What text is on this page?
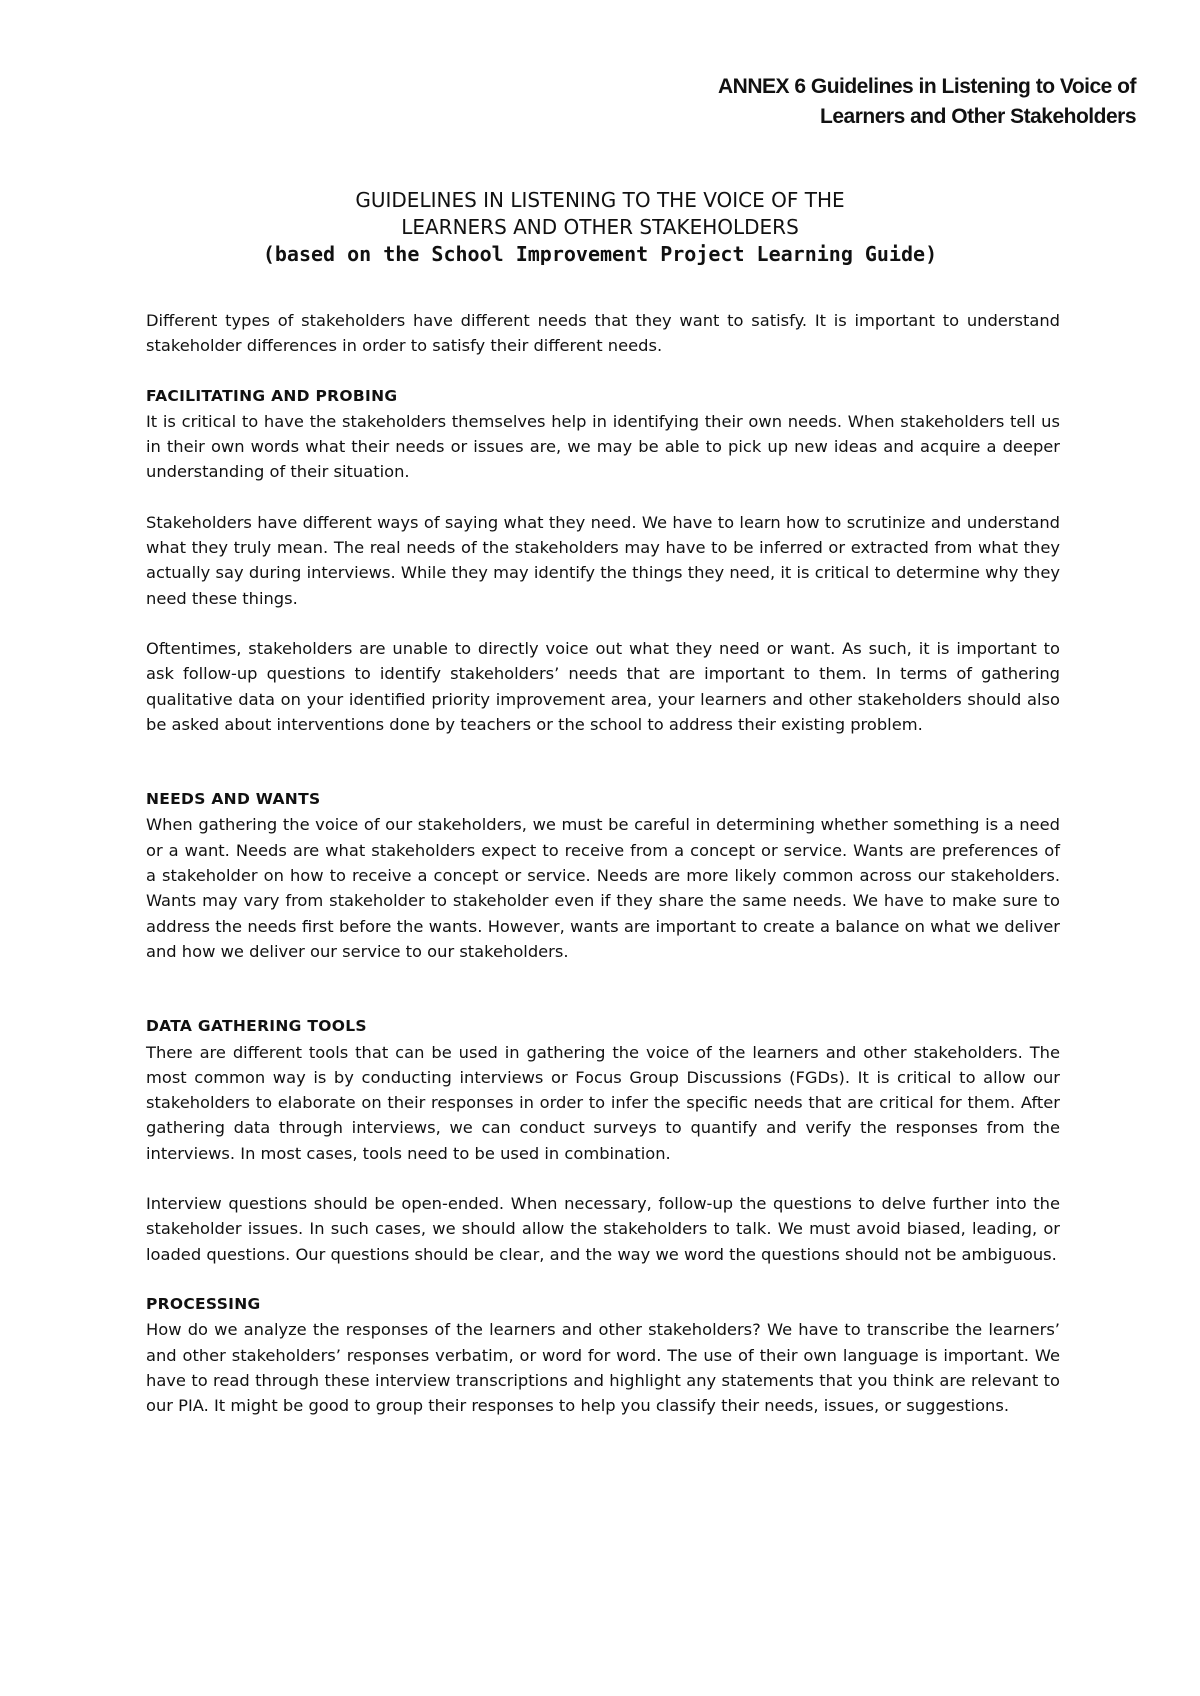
ANNEX 6 Guidelines in Listening to Voice of
Learners and Other Stakeholders
GUIDELINES IN LISTENING TO THE VOICE OF THE
LEARNERS AND OTHER STAKEHOLDERS
(based on the School Improvement Project Learning Guide)

Different types of stakeholders have different needs that they want to satisfy. It is important to understand stakeholder differences in order to satisfy their different needs.

FACILITATING AND PROBING

It is critical to have the stakeholders themselves help in identifying their own needs. When stakeholders tell us in their own words what their needs or issues are, we may be able to pick up new ideas and acquire a deeper understanding of their situation.

Stakeholders have different ways of saying what they need. We have to learn how to scrutinize and understand what they truly mean. The real needs of the stakeholders may have to be inferred or extracted from what they actually say during interviews. While they may identify the things they need, it is critical to determine why they need these things.

Oftentimes, stakeholders are unable to directly voice out what they need or want. As such, it is important to ask follow-up questions to identify stakeholders’ needs that are important to them. In terms of gathering qualitative data on your identified priority improvement area, your learners and other stakeholders should also be asked about interventions done by teachers or the school to address their existing problem.

NEEDS AND WANTS

When gathering the voice of our stakeholders, we must be careful in determining whether something is a need or a want. Needs are what stakeholders expect to receive from a concept or service. Wants are preferences of a stakeholder on how to receive a concept or service. Needs are more likely common across our stakeholders. Wants may vary from stakeholder to stakeholder even if they share the same needs. We have to make sure to address the needs first before the wants. However, wants are important to create a balance on what we deliver and how we deliver our service to our stakeholders.

DATA GATHERING TOOLS

There are different tools that can be used in gathering the voice of the learners and other stakeholders. The most common way is by conducting interviews or Focus Group Discussions (FGDs). It is critical to allow our stakeholders to elaborate on their responses in order to infer the specific needs that are critical for them. After gathering data through interviews, we can conduct surveys to quantify and verify the responses from the interviews. In most cases, tools need to be used in combination.

Interview questions should be open-ended. When necessary, follow-up the questions to delve further into the stakeholder issues. In such cases, we should allow the stakeholders to talk. We must avoid biased, leading, or loaded questions. Our questions should be clear, and the way we word the questions should not be ambiguous.

PROCESSING

How do we analyze the responses of the learners and other stakeholders? We have to transcribe the learners’ and other stakeholders’ responses verbatim, or word for word. The use of their own language is important. We have to read through these interview transcriptions and highlight any statements that you think are relevant to our PIA. It might be good to group their responses to help you classify their needs, issues, or suggestions.
